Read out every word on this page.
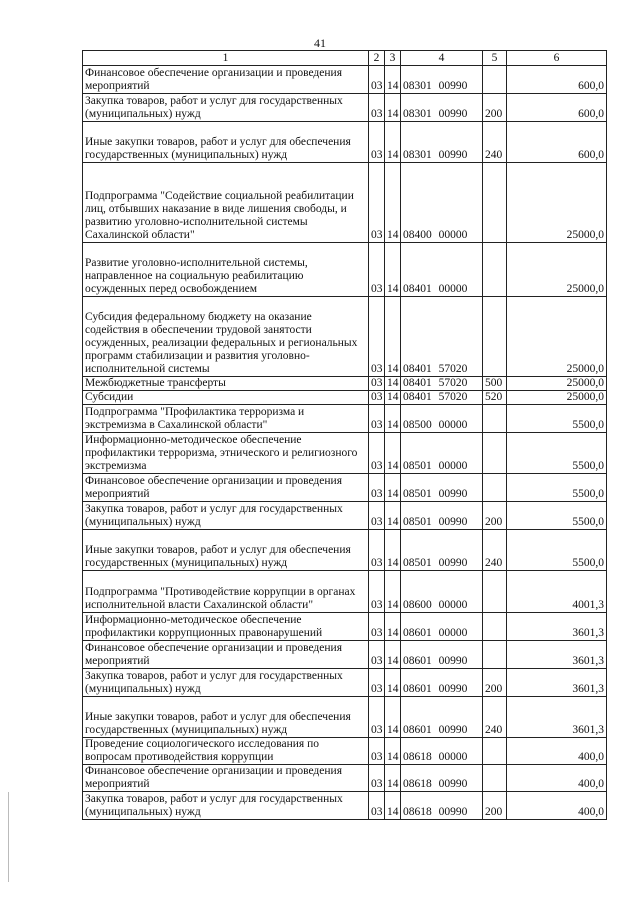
41
1	2	3	4	5	6
Финансовое обеспечение организации и проведения мероприятий	03	14	08301 00990		600,0
Закупка товаров, работ и услуг для государственных (муниципальных) нужд	03	14	08301 00990	200	600,0
Иные закупки товаров, работ и услуг для обеспечения государственных (муниципальных) нужд	03	14	08301 00990	240	600,0
Подпрограмма "Содействие социальной реабилитации лиц, отбывших наказание в виде лишения свободы, и развитию уголовно-исполнительной системы Сахалинской области"	03	14	08400 00000		25000,0
Развитие уголовно-исполнительной системы, направленное на социальную реабилитацию осужденных перед освобождением	03	14	08401 00000		25000,0
Субсидия федеральному бюджету на оказание содействия в обеспечении трудовой занятости осужденных, реализации федеральных и региональных программ стабилизации и развития уголовно-исполнительной системы	03	14	08401 57020		25000,0
Межбюджетные трансферты	03	14	08401 57020	500	25000,0
Субсидии	03	14	08401 57020	520	25000,0
Подпрограмма "Профилактика терроризма и экстремизма в Сахалинской области"	03	14	08500 00000		5500,0
Информационно-методическое обеспечение профилактики терроризма, этнического и религиозного экстремизма	03	14	08501 00000		5500,0
Финансовое обеспечение организации и проведения мероприятий	03	14	08501 00990		5500,0
Закупка товаров, работ и услуг для государственных (муниципальных) нужд	03	14	08501 00990	200	5500,0
Иные закупки товаров, работ и услуг для обеспечения государственных (муниципальных) нужд	03	14	08501 00990	240	5500,0
Подпрограмма "Противодействие коррупции в органах исполнительной власти Сахалинской области"	03	14	08600 00000		4001,3
Информационно-методическое обеспечение профилактики коррупционных правонарушений	03	14	08601 00000		3601,3
Финансовое обеспечение организации и проведения мероприятий	03	14	08601 00990		3601,3
Закупка товаров, работ и услуг для государственных (муниципальных) нужд	03	14	08601 00990	200	3601,3
Иные закупки товаров, работ и услуг для обеспечения государственных (муниципальных) нужд	03	14	08601 00990	240	3601,3
Проведение социологического исследования по вопросам противодействия коррупции	03	14	08618 00000		400,0
Финансовое обеспечение организации и проведения мероприятий	03	14	08618 00990		400,0
Закупка товаров, работ и услуг для государственных (муниципальных) нужд	03	14	08618 00990	200	400,0
